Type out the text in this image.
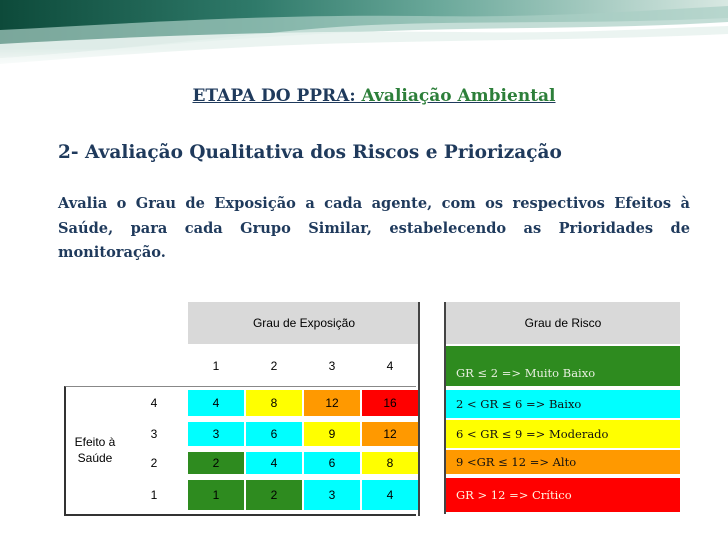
ETAPA DO PPRA: Avaliação Ambiental
2- Avaliação Qualitativa dos Riscos e Priorização
Avalia o Grau de Exposição a cada agente, com os respectivos Efeitos à Saúde, para cada Grupo Similar, estabelecendo as Prioridades de monitoração.
Grau de Exposição
1	2	3	4
4	4	8	12	16
3	3	6	9	12
2	2	4	6	8
1	1	2	3	4
Efeito à Saúde
Grau de Risco
GR ≤ 2 => Muito Baixo
2 < GR ≤ 6 => Baixo
6 < GR ≤ 9 => Moderado
9 <GR ≤ 12 => Alto
GR > 12 => Crítico
